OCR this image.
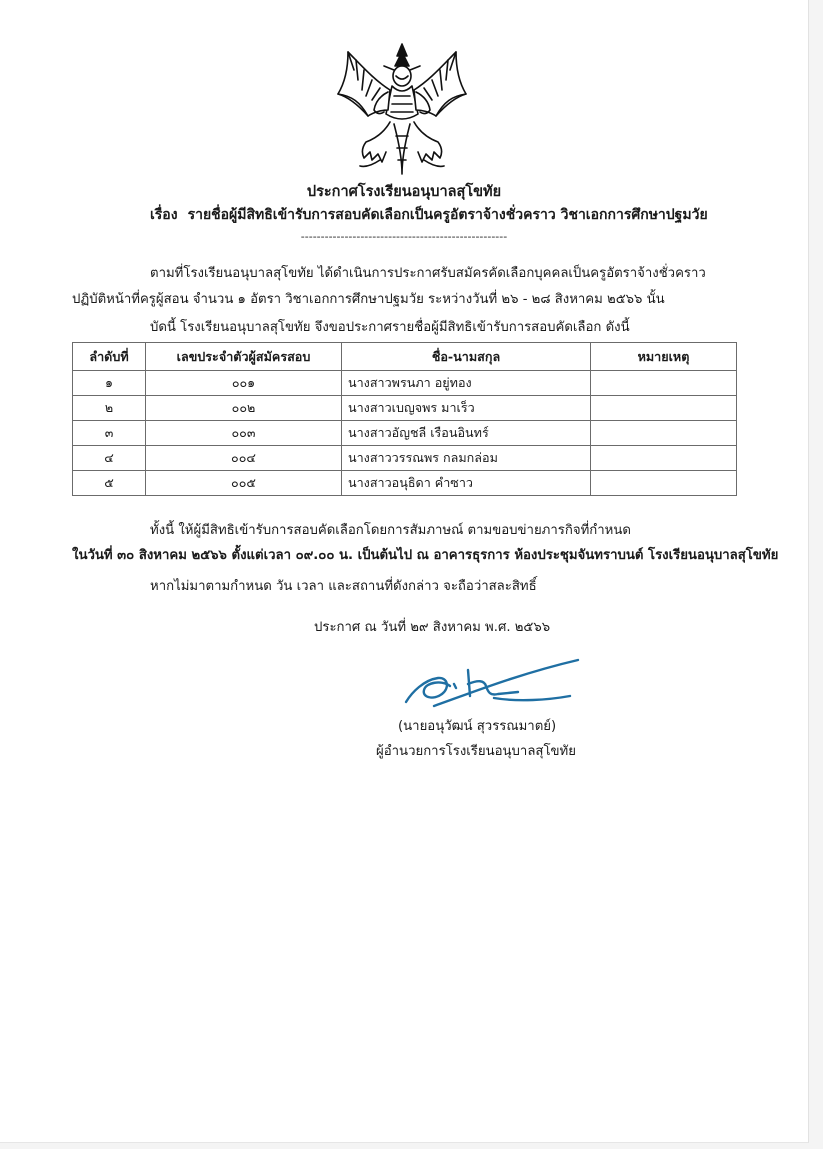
ประกาศโรงเรียนอนุบาลสุโขทัย
เรื่อง รายชื่อผู้มีสิทธิเข้ารับการสอบคัดเลือกเป็นครูอัตราจ้างชั่วคราว วิชาเอกการศึกษาปฐมวัย
----------------------------------------------------
ตามที่โรงเรียนอนุบาลสุโขทัย ได้ดำเนินการประกาศรับสมัครคัดเลือกบุคคลเป็นครูอัตราจ้างชั่วคราว
ปฏิบัติหน้าที่ครูผู้สอน จำนวน ๑ อัตรา วิชาเอกการศึกษาปฐมวัย ระหว่างวันที่ ๒๖ - ๒๘ สิงหาคม ๒๕๖๖ นั้น
บัดนี้ โรงเรียนอนุบาลสุโขทัย จึงขอประกาศรายชื่อผู้มีสิทธิเข้ารับการสอบคัดเลือก ดังนี้
ลำดับที่	เลขประจำตัวผู้สมัครสอบ	ชื่อ-นามสกุล	หมายเหตุ
๑	๐๐๑	นางสาวพรนภา อยู่ทอง	
๒	๐๐๒	นางสาวเบญจพร มาเร็ว	
๓	๐๐๓	นางสาวอัญชลี เรือนอินทร์	
๔	๐๐๔	นางสาววรรณพร กลมกล่อม	
๕	๐๐๕	นางสาวอนุธิดา คำซาว	
ทั้งนี้ ให้ผู้มีสิทธิเข้ารับการสอบคัดเลือกโดยการสัมภาษณ์ ตามขอบข่ายภารกิจที่กำหนด
ในวันที่ ๓๐ สิงหาคม ๒๕๖๖ ตั้งแต่เวลา ๐๙.๐๐ น. เป็นต้นไป ณ อาคารธุรการ ห้องประชุมจันทราบนต์ โรงเรียนอนุบาลสุโขทัย
หากไม่มาตามกำหนด วัน เวลา และสถานที่ดังกล่าว จะถือว่าสละสิทธิ์
ประกาศ ณ วันที่ ๒๙ สิงหาคม พ.ศ. ๒๕๖๖
(นายอนุวัฒน์ สุวรรณมาตย์)
ผู้อำนวยการโรงเรียนอนุบาลสุโขทัย
